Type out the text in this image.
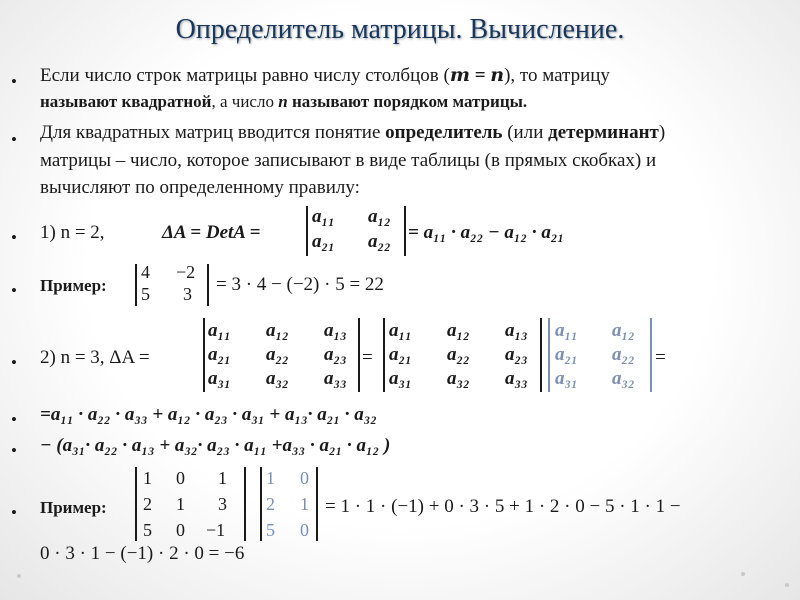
Определитель матрицы. Вычисление.
• Если число строк матрицы равно числу столбцов (𝒎 = 𝒏), то матрицу
называют квадратной, а число n называют порядком матрицы.
• Для квадратных матриц вводится понятие определитель (или детерминант)
матрицы – число, которое записывают в виде таблицы (в прямых скобках) и
вычисляют по определенному правилу:
• 1) n = 2,	ΔA = DetA =
a₁₁ a₁₂
a₂₁ a₂₂ = a₁₁ · a₂₂ − a₁₂ · a₂₁
• Пример:
4 −2
5 3 = 3 · 4 − (−2) · 5 = 22
• 2) n = 3, ΔA =
a₁₁ a₁₂ a₁₃
a₂₁ a₂₂ a₂₃
a₃₁ a₃₂ a₃₃
=
a₁₁ a₁₂ a₁₃
a₂₁ a₂₂ a₂₃
a₃₁ a₃₂ a₃₃
a₁₁ a₁₂
a₂₁ a₂₂
a₃₁ a₃₂
=
• =a₁₁ · a₂₂ · a₃₃ + a₁₂ · a₂₃ · a₃₁ + a₁₃· a₂₁ · a₃₂
• − (a₃₁· a₂₂ · a₁₃ + a₃₂· a₂₃ · a₁₁ +a₃₃ · a₂₁ · a₁₂ )
• Пример:
1 0 1
2 1 3
5 0 −1
1 0
2 1
5 0
= 1 · 1 · (−1) + 0 · 3 · 5 + 1 · 2 · 0 − 5 · 1 · 1 −
0 · 3 · 1 − (−1) · 2 · 0 = −6
